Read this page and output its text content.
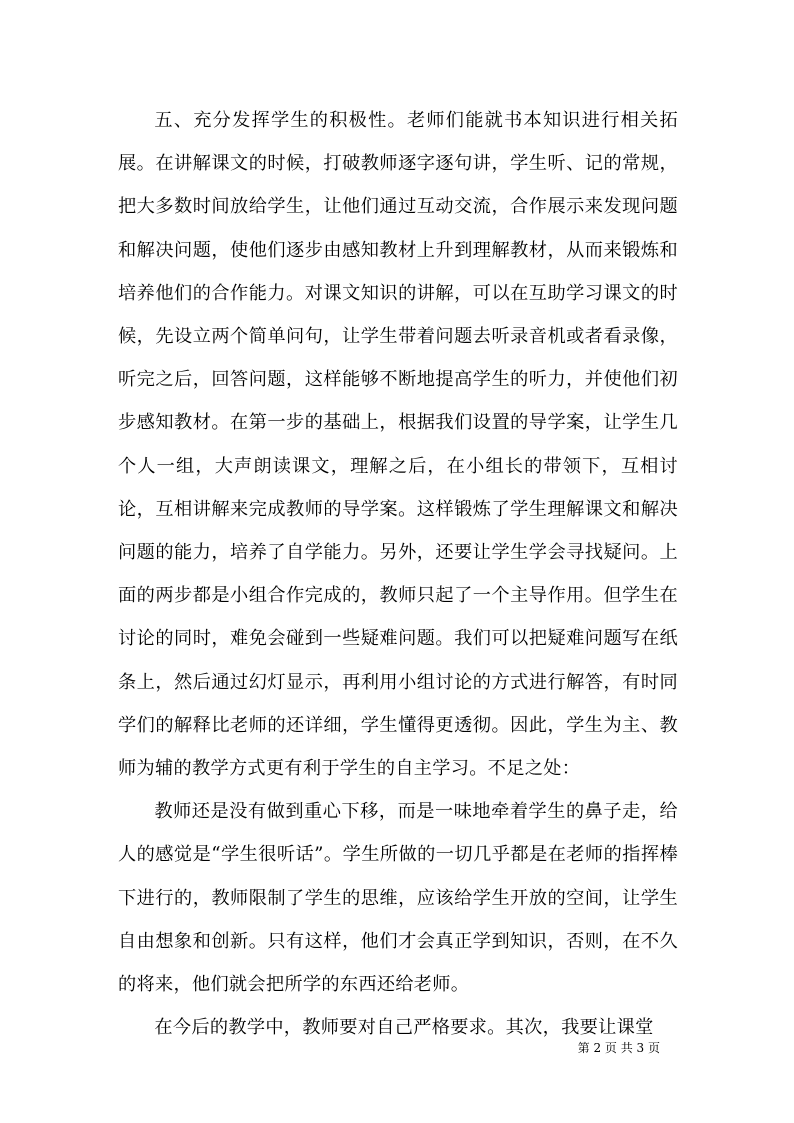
五、充分发挥学生的积极性。老师们能就书本知识进行相关拓展。在讲解课文的时候，打破教师逐字逐句讲，学生听、记的常规，把大多数时间放给学生，让他们通过互动交流，合作展示来发现问题和解决问题，使他们逐步由感知教材上升到理解教材，从而来锻炼和培养他们的合作能力。对课文知识的讲解，可以在互助学习课文的时候，先设立两个简单问句，让学生带着问题去听录音机或者看录像，听完之后，回答问题，这样能够不断地提高学生的听力，并使他们初步感知教材。在第一步的基础上，根据我们设置的导学案，让学生几个人一组，大声朗读课文，理解之后，在小组长的带领下，互相讨论，互相讲解来完成教师的导学案。这样锻炼了学生理解课文和解决问题的能力，培养了自学能力。另外，还要让学生学会寻找疑问。上面的两步都是小组合作完成的，教师只起了一个主导作用。但学生在讨论的同时，难免会碰到一些疑难问题。我们可以把疑难问题写在纸条上，然后通过幻灯显示，再利用小组讨论的方式进行解答，有时同学们的解释比老师的还详细，学生懂得更透彻。因此，学生为主、教师为辅的教学方式更有利于学生的自主学习。不足之处：

教师还是没有做到重心下移，而是一味地牵着学生的鼻子走，给人的感觉是“学生很听话”。学生所做的一切几乎都是在老师的指挥棒下进行的，教师限制了学生的思维，应该给学生开放的空间，让学生自由想象和创新。只有这样，他们才会真正学到知识，否则，在不久的将来，他们就会把所学的东西还给老师。

在今后的教学中，教师要对自己严格要求。其次，我要让课堂

第 2 页 共 3 页
